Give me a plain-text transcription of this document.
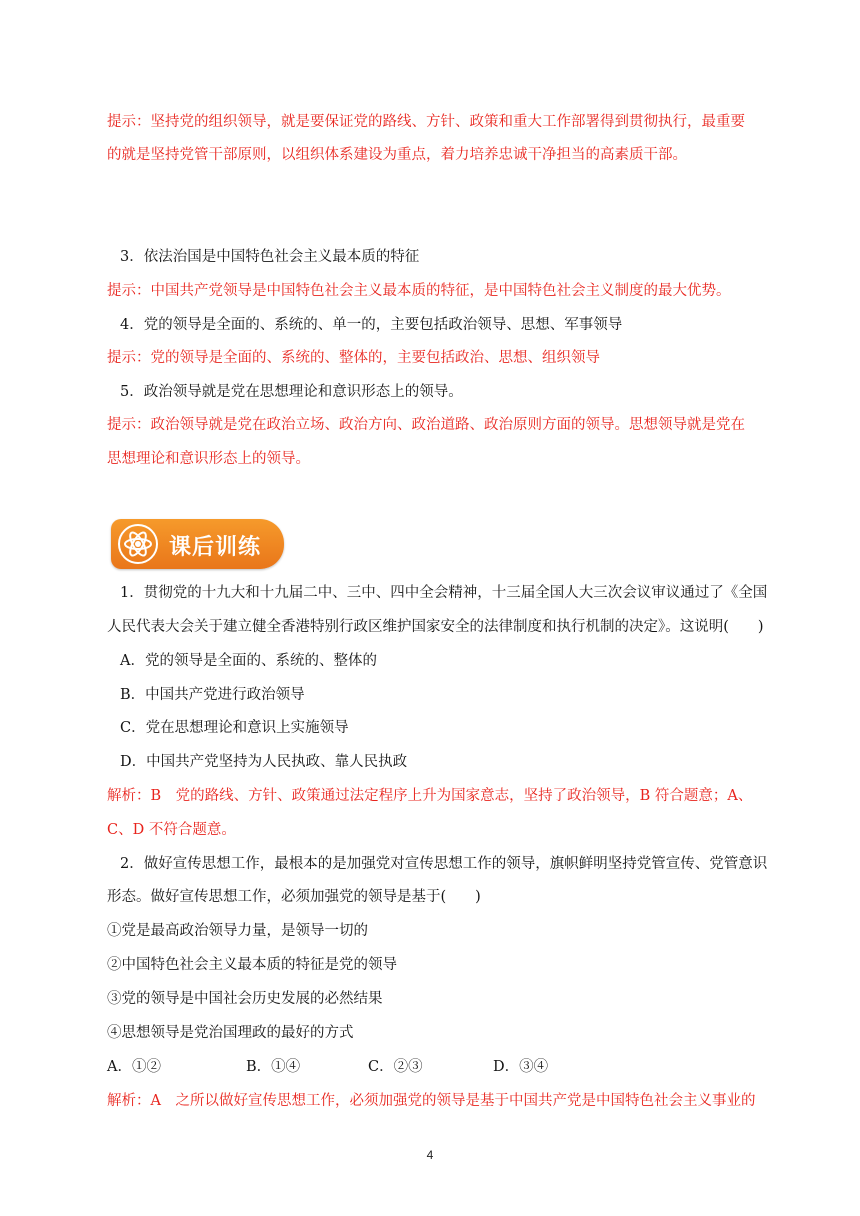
提示：坚持党的组织领导，就是要保证党的路线、方针、政策和重大工作部署得到贯彻执行，最重要
的就是坚持党管干部原则，以组织体系建设为重点，着力培养忠诚干净担当的高素质干部。
3．依法治国是中国特色社会主义最本质的特征
提示：中国共产党领导是中国特色社会主义最本质的特征，是中国特色社会主义制度的最大优势。
4．党的领导是全面的、系统的、单一的，主要包括政治领导、思想、军事领导
提示：党的领导是全面的、系统的、整体的，主要包括政治、思想、组织领导
5．政治领导就是党在思想理论和意识形态上的领导。
提示：政治领导就是党在政治立场、政治方向、政治道路、政治原则方面的领导。思想领导就是党在
思想理论和意识形态上的领导。
课后训练
1．贯彻党的十九大和十九届二中、三中、四中全会精神，十三届全国人大三次会议审议通过了《全国
人民代表大会关于建立健全香港特别行政区维护国家安全的法律制度和执行机制的决定》。这说明(　　)
A．党的领导是全面的、系统的、整体的
B．中国共产党进行政治领导
C．党在思想理论和意识上实施领导
D．中国共产党坚持为人民执政、靠人民执政
解析：B　党的路线、方针、政策通过法定程序上升为国家意志，坚持了政治领导，B 符合题意；A、
C、D 不符合题意。
2．做好宣传思想工作，最根本的是加强党对宣传思想工作的领导，旗帜鲜明坚持党管宣传、党管意识
形态。做好宣传思想工作，必须加强党的领导是基于(　　)
①党是最高政治领导力量，是领导一切的
②中国特色社会主义最本质的特征是党的领导
③党的领导是中国社会历史发展的必然结果
④思想领导是党治国理政的最好的方式
A．①②	B．①④	C．②③	D．③④
解析：A　之所以做好宣传思想工作，必须加强党的领导是基于中国共产党是中国特色社会主义事业的
4
